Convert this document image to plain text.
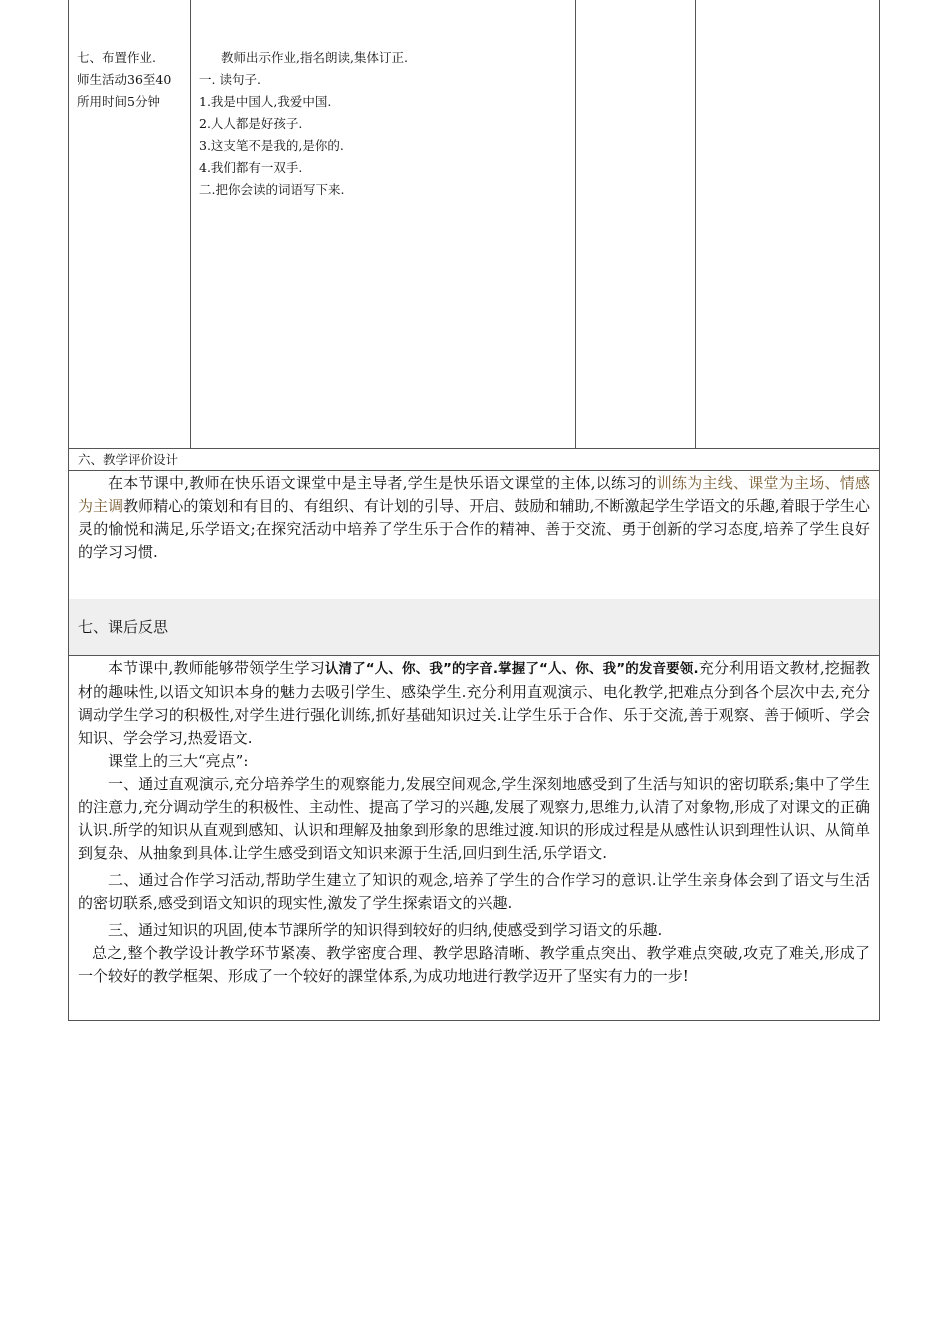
七、布置作业.
师生活动36至40
所用时间5分钟
教师出示作业,指名朗读,集体订正.
一. 读句子.
1.我是中国人,我爱中国.
2.人人都是好孩子.
3.这支笔不是我的,是你的.
4.我们都有一双手.
二.把你会读的词语写下来.
六、教学评价设计

在本节课中,教师在快乐语文课堂中是主导者,学生是快乐语文课堂的主体,以练习的训练为主线、课堂为主场、情感为主调教师精心的策划和有目的、有组织、有计划的引导、开启、鼓励和辅助,不断激起学生学语文的乐趣,着眼于学生心灵的愉悦和满足,乐学语文;在探究活动中培养了学生乐于合作的精神、善于交流、勇于创新的学习态度,培养了学生良好的学习习惯.

七、课后反思

本节课中,教师能够带领学生学习认清了“人、你、我”的字音.掌握了“人、你、我”的发音要领.充分利用语文教材,挖掘教材的趣味性,以语文知识本身的魅力去吸引学生、感染学生.充分利用直观演示、电化教学,把难点分到各个层次中去,充分调动学生学习的积极性,对学生进行强化训练,抓好基础知识过关.让学生乐于合作、乐于交流,善于观察、善于倾听、学会知识、学会学习,热爱语文.

课堂上的三大“亮点”:

一、通过直观演示,充分培养学生的观察能力,发展空间观念,学生深刻地感受到了生活与知识的密切联系;集中了学生的注意力,充分调动学生的积极性、主动性、提高了学习的兴趣,发展了观察力,思维力,认清了对象物,形成了对课文的正确认识.所学的知识从直观到感知、认识和理解及抽象到形象的思维过渡.知识的形成过程是从感性认识到理性认识、从简单到复杂、从抽象到具体.让学生感受到语文知识来源于生活,回归到生活,乐学语文.

二、通过合作学习活动,帮助学生建立了知识的观念,培养了学生的合作学习的意识.让学生亲身体会到了语文与生活的密切联系,感受到语文知识的现实性,激发了学生探索语文的兴趣.

三、通过知识的巩固,使本节課所学的知识得到较好的归纳,使感受到学习语文的乐趣.

总之,整个教学设计教学环节紧凑、教学密度合理、教学思路清晰、教学重点突出、教学难点突破,攻克了难关,形成了一个较好的教学框架、形成了一个较好的課堂体系,为成功地进行教学迈开了坚实有力的一步!
